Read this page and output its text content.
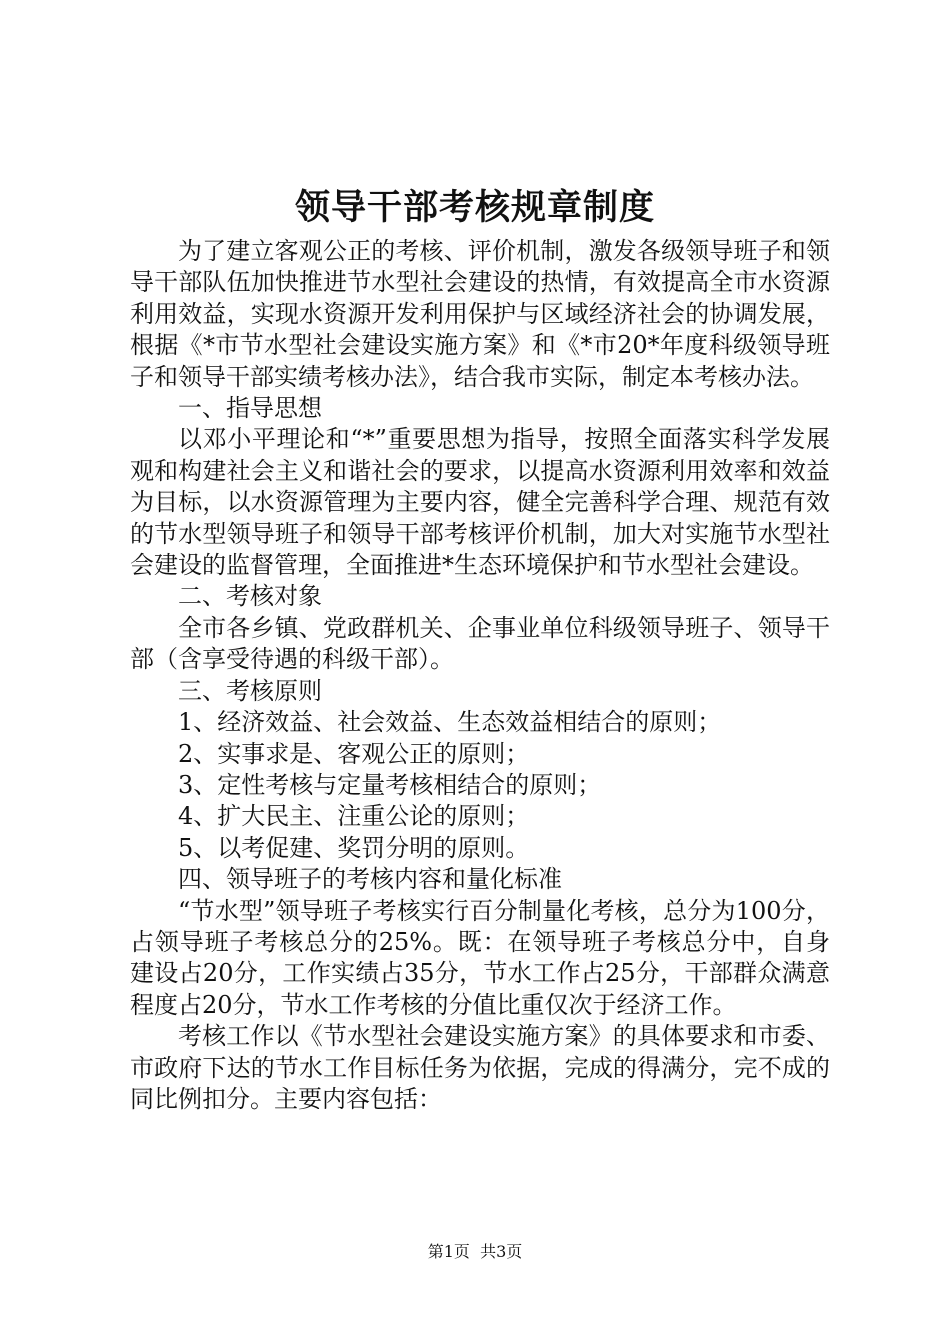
领导干部考核规章制度

为了建立客观公正的考核、评价机制，激发各级领导班子和领导干部队伍加快推进节水型社会建设的热情，有效提高全市水资源利用效益，实现水资源开发利用保护与区域经济社会的协调发展，根据《*市节水型社会建设实施方案》和《*市20*年度科级领导班子和领导干部实绩考核办法》，结合我市实际，制定本考核办法。

一、指导思想

以邓小平理论和“*”重要思想为指导，按照全面落实科学发展观和构建社会主义和谐社会的要求，以提高水资源利用效率和效益为目标，以水资源管理为主要内容，健全完善科学合理、规范有效的节水型领导班子和领导干部考核评价机制，加大对实施节水型社会建设的监督管理，全面推进*生态环境保护和节水型社会建设。

二、考核对象

全市各乡镇、党政群机关、企事业单位科级领导班子、领导干部（含享受待遇的科级干部）。

三、考核原则

1、经济效益、社会效益、生态效益相结合的原则；

2、实事求是、客观公正的原则；

3、定性考核与定量考核相结合的原则；

4、扩大民主、注重公论的原则；

5、以考促建、奖罚分明的原则。

四、领导班子的考核内容和量化标准

“节水型”领导班子考核实行百分制量化考核，总分为100分，占领导班子考核总分的25%。既：在领导班子考核总分中，自身建设占20分，工作实绩占35分，节水工作占25分，干部群众满意程度占20分，节水工作考核的分值比重仅次于经济工作。

考核工作以《节水型社会建设实施方案》的具体要求和市委、市政府下达的节水工作目标任务为依据，完成的得满分，完不成的同比例扣分。主要内容包括：

第1页 共3页
